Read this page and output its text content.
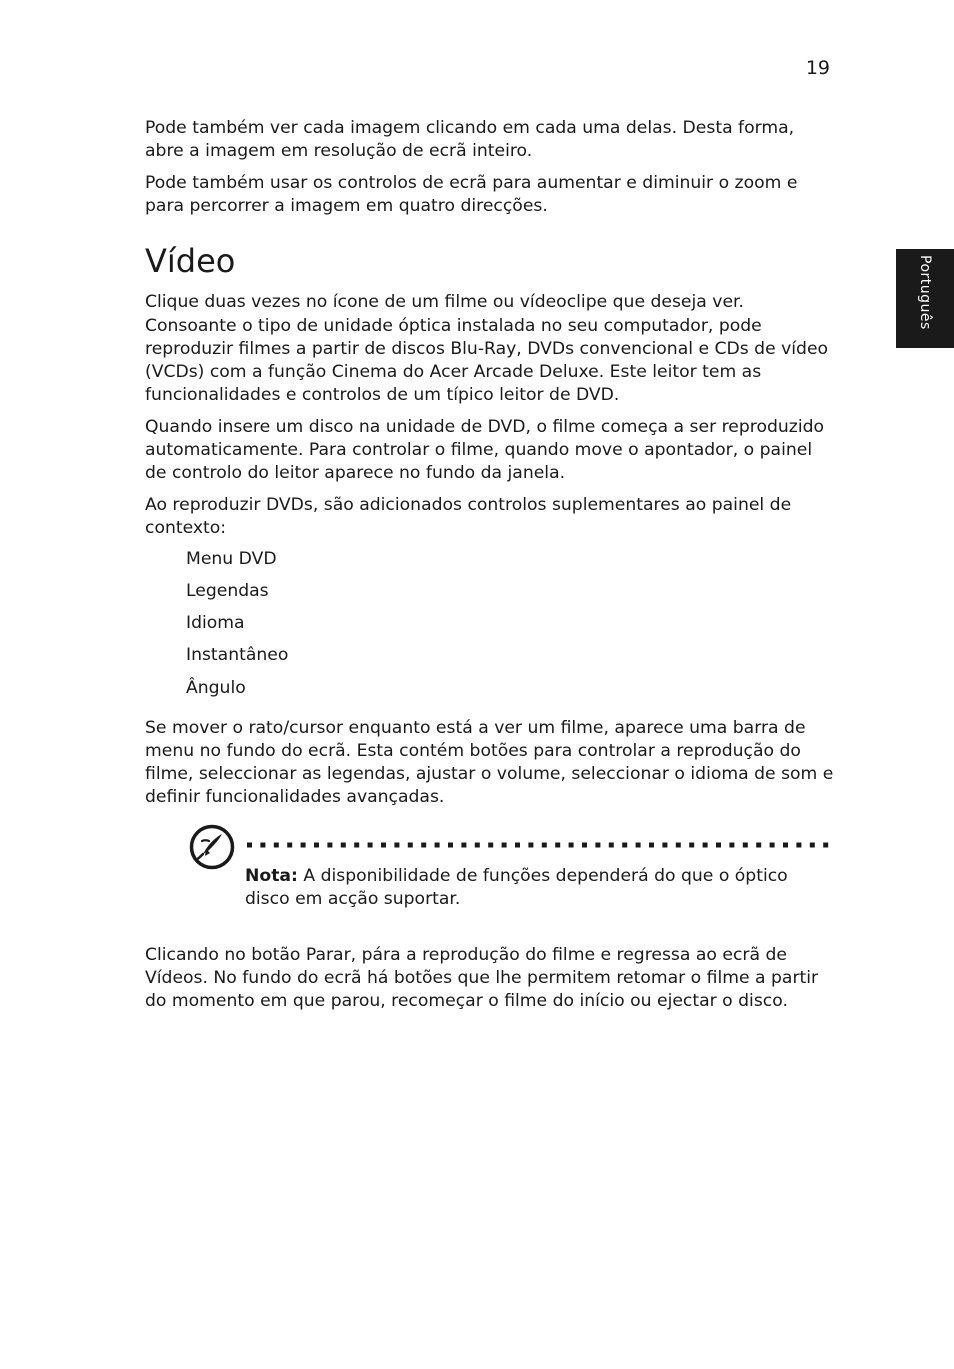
19
Português

Pode também ver cada imagem clicando em cada uma delas. Desta forma, abre a imagem em resolução de ecrã inteiro.

Pode também usar os controlos de ecrã para aumentar e diminuir o zoom e para percorrer a imagem em quatro direcções.

Vídeo

Clique duas vezes no ícone de um filme ou vídeoclipe que deseja ver. Consoante o tipo de unidade óptica instalada no seu computador, pode reproduzir filmes a partir de discos Blu-Ray, DVDs convencional e CDs de vídeo (VCDs) com a função Cinema do Acer Arcade Deluxe. Este leitor tem as funcionalidades e controlos de um típico leitor de DVD.

Quando insere um disco na unidade de DVD, o filme começa a ser reproduzido automaticamente. Para controlar o filme, quando move o apontador, o painel de controlo do leitor aparece no fundo da janela.

Ao reproduzir DVDs, são adicionados controlos suplementares ao painel de contexto:

Menu DVD
Legendas
Idioma
Instantâneo
Ângulo

Se mover o rato/cursor enquanto está a ver um filme, aparece uma barra de menu no fundo do ecrã. Esta contém botões para controlar a reprodução do filme, seleccionar as legendas, ajustar o volume, seleccionar o idioma de som e definir funcionalidades avançadas.

Nota: A disponibilidade de funções dependerá do que o óptico disco em acção suportar.

Clicando no botão Parar, pára a reprodução do filme e regressa ao ecrã de Vídeos. No fundo do ecrã há botões que lhe permitem retomar o filme a partir do momento em que parou, recomeçar o filme do início ou ejectar o disco.
